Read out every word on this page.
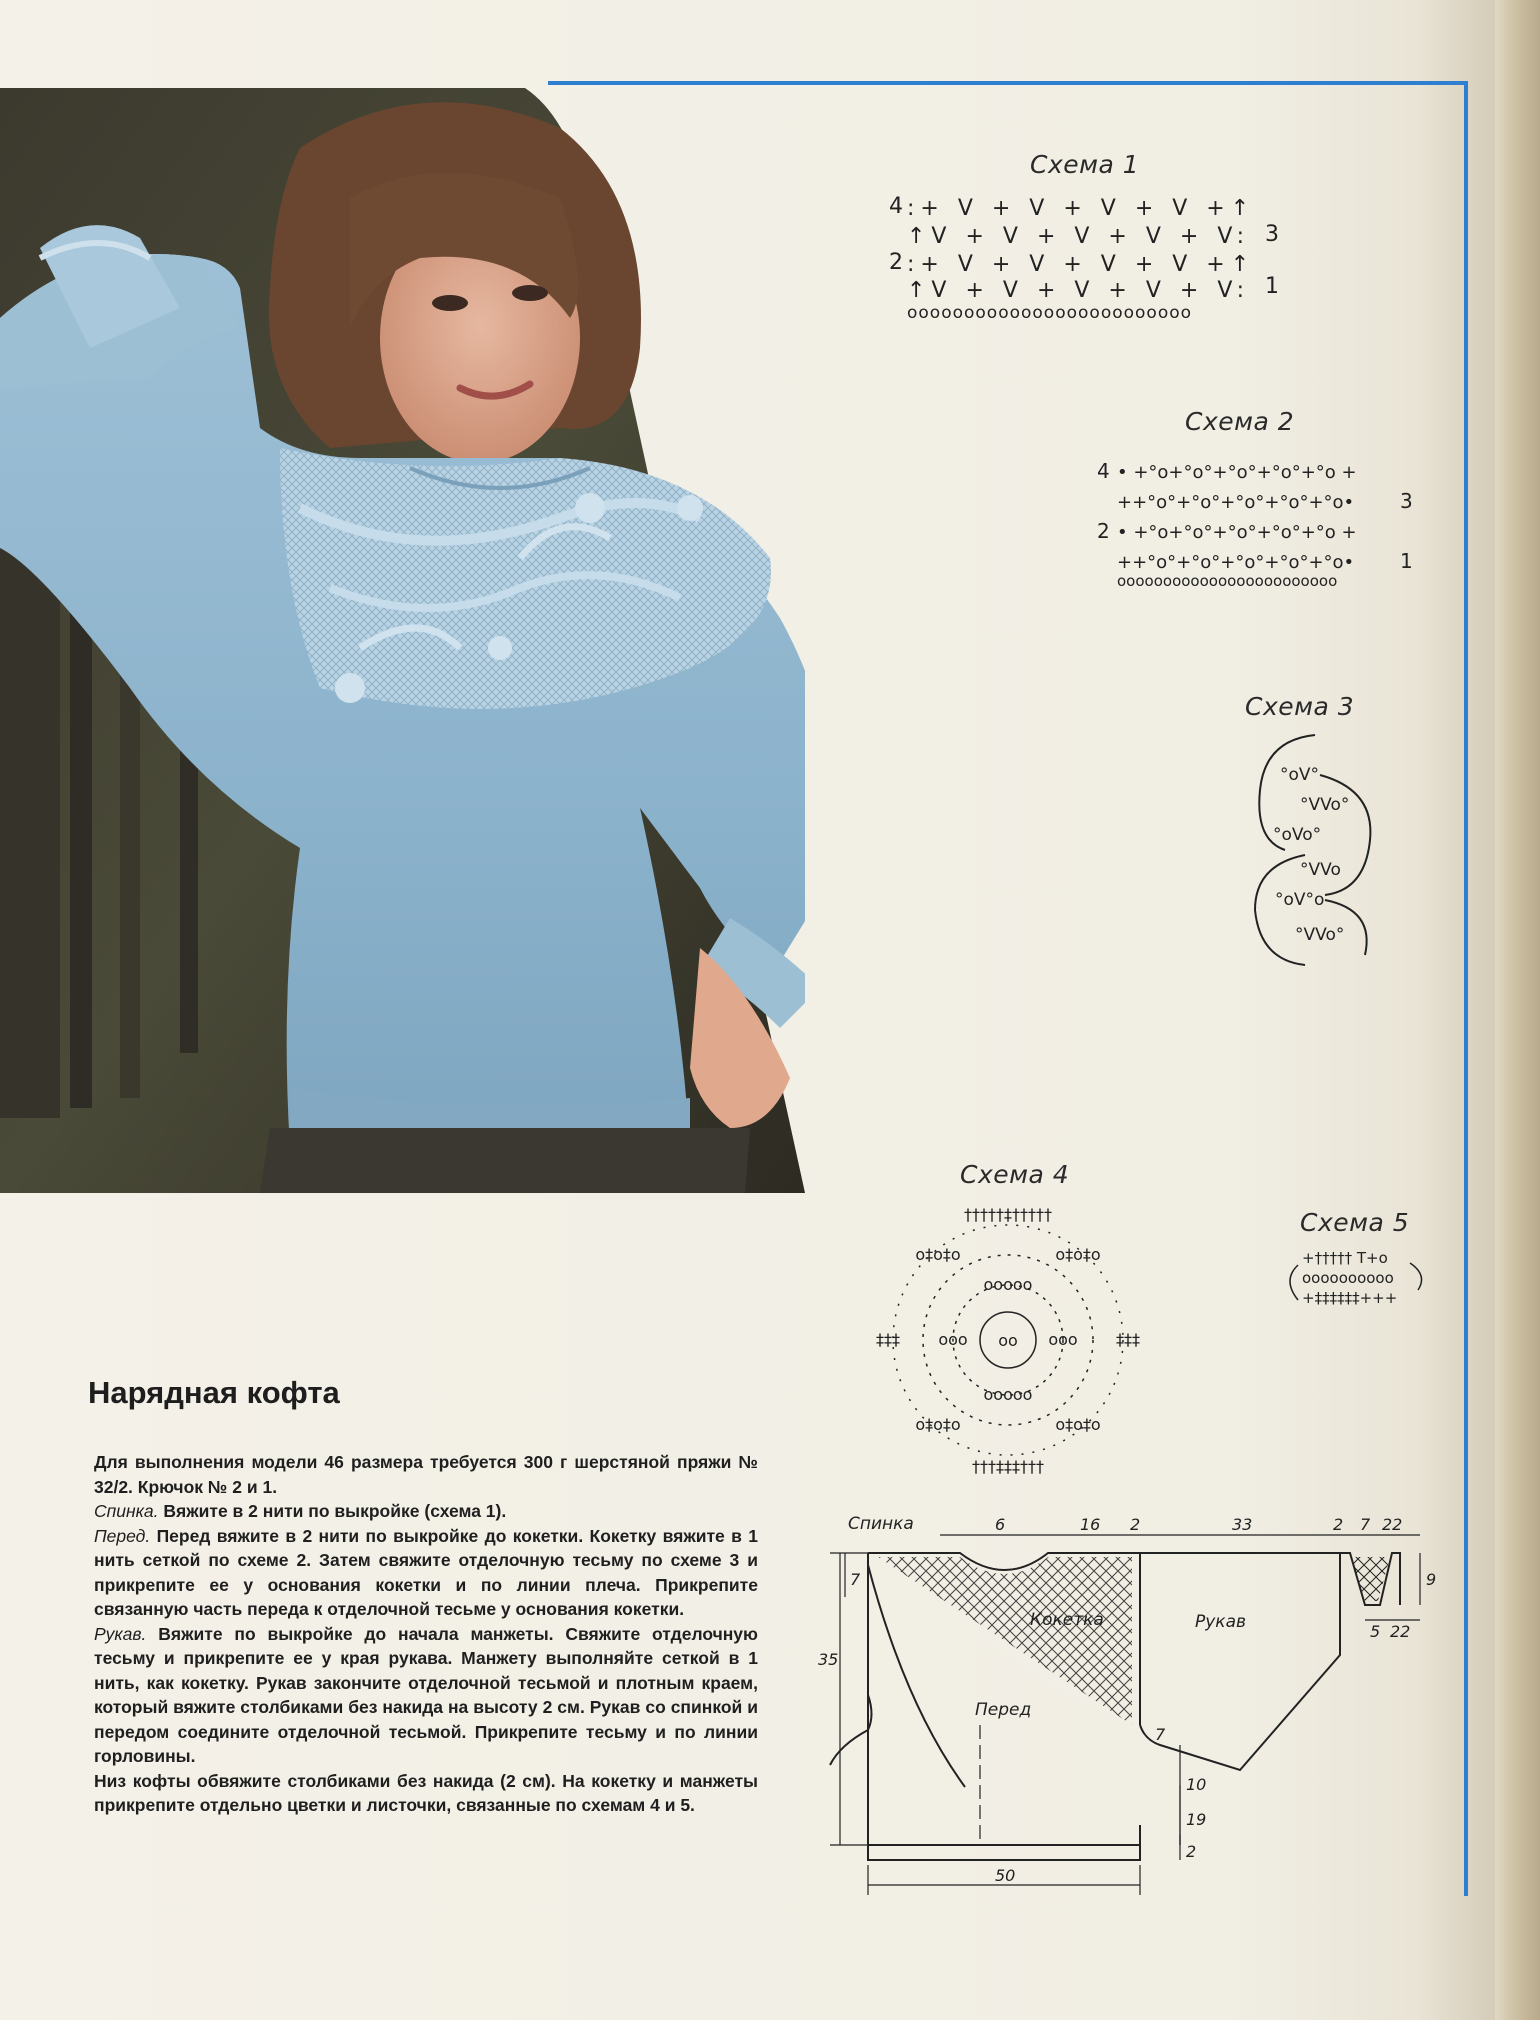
Схема 1
4
3
2
1
:+ V + V + V + V +↑
↑V + V + V + V + V:
:+ V + V + V + V +↑
↑V + V + V + V + V:
ooooooooooooooooooooooooo
Схема 2
4
3
2
1
• +°o+°o°+°o°+°o°+°o +
++°o°+°o°+°o°+°o°+°o•
• +°o+°o°+°o°+°o°+°o +
++°o°+°o°+°o°+°o°+°o•
oooooooooooooooooooooooo
Схема 3
°oV°
°VVo°
°oVo°
°VVo
°oV°o
°VVo°
Схема 4
†††††‡†††††
†††‡‡‡†††
‡‡‡	‡‡‡
o‡o‡o	o‡o‡o
o‡o‡o	o‡o‡o
ooooo
ooooo
ooo	ooo
oo
Схема 5
+††††† T+o
oooooooooo
+‡‡‡‡‡‡+++
Нарядная кофта

Для выполнения модели 46 размера требуется 300 г шерстяной пряжи № 32/2. Крючок № 2 и 1.

Спинка. Вяжите в 2 нити по выкройке (схема 1).

Перед. Перед вяжите в 2 нити по выкройке до кокетки. Кокетку вяжите в 1 нить сеткой по схеме 2. Затем свяжите отделочную тесьму по схеме 3 и прикрепите ее у основания кокетки и по линии плеча. Прикрепите связанную часть переда к отделочной тесьме у основания кокетки.

Рукав. Вяжите по выкройке до начала манжеты. Свяжите отделочную тесьму и прикрепите ее у края рукава. Манжету выполняйте сеткой в 1 нить, как кокетку. Рукав закончите отделочной тесьмой и плотным краем, который вяжите столбиками без накида на высоту 2 см. Рукав со спинкой и передом соедините отделочной тесьмой. Прикрепите тесьму и по линии горловины.

Низ кофты обвяжите столбиками без накида (2 см). На кокетку и манжеты прикрепите отдельно цветки и листочки, связанные по схемам 4 и 5.

Спинка
Кокетка	Рукав
Перед
6	16 2	33	2 7 22
7
35
9
5 22
7
10
19
2
50
